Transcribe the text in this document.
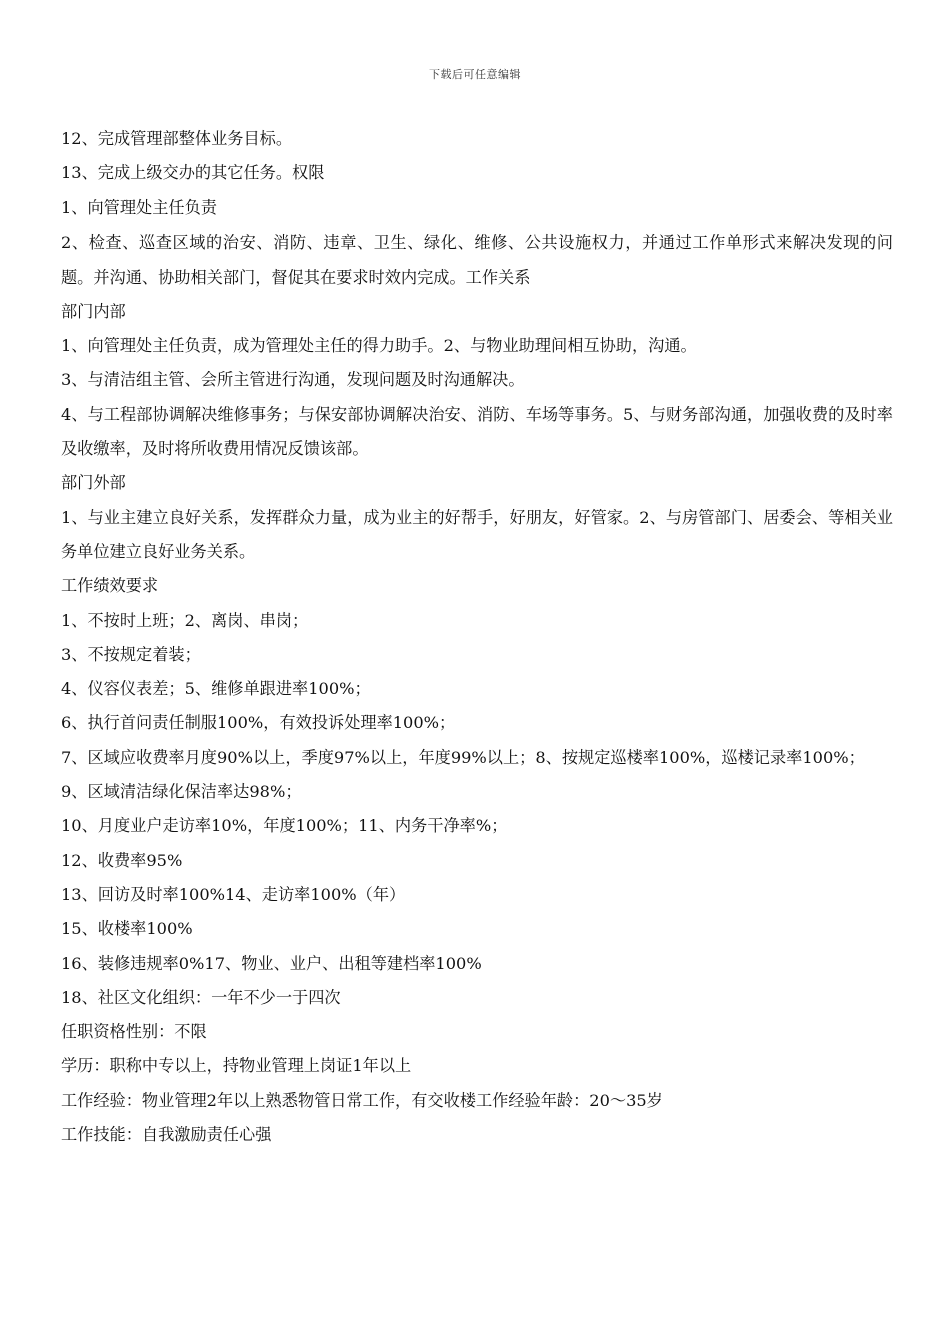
下载后可任意编辑
12、完成管理部整体业务目标。
13、完成上级交办的其它任务。权限
1、向管理处主任负责
2、检查、巡查区域的治安、消防、违章、卫生、绿化、维修、公共设施权力，并通过工作单形式来解决发现的问题。并沟通、协助相关部门，督促其在要求时效内完成。工作关系
部门内部
1、向管理处主任负责，成为管理处主任的得力助手。2、与物业助理间相互协助，沟通。
3、与清洁组主管、会所主管进行沟通，发现问题及时沟通解决。
4、与工程部协调解决维修事务；与保安部协调解决治安、消防、车场等事务。5、与财务部沟通，加强收费的及时率及收缴率，及时将所收费用情况反馈该部。
部门外部
1、与业主建立良好关系，发挥群众力量，成为业主的好帮手，好朋友，好管家。2、与房管部门、居委会、等相关业务单位建立良好业务关系。
工作绩效要求
1、不按时上班；2、离岗、串岗；
3、不按规定着装；
4、仪容仪表差；5、维修单跟进率100%；
6、执行首问责任制服100%，有效投诉处理率100%；
7、区域应收费率月度90%以上，季度97%以上，年度99%以上；8、按规定巡楼率100%，巡楼记录率100%；
9、区域清洁绿化保洁率达98%；
10、月度业户走访率10%，年度100%；11、内务干净率%；
12、收费率95%
13、回访及时率100%14、走访率100%（年）
15、收楼率100%
16、装修违规率0%17、物业、业户、出租等建档率100%
18、社区文化组织：一年不少一于四次
任职资格性别：不限
学历：职称中专以上，持物业管理上岗证1年以上
工作经验：物业管理2年以上熟悉物管日常工作，有交收楼工作经验年龄：20～35岁
工作技能：自我激励责任心强
